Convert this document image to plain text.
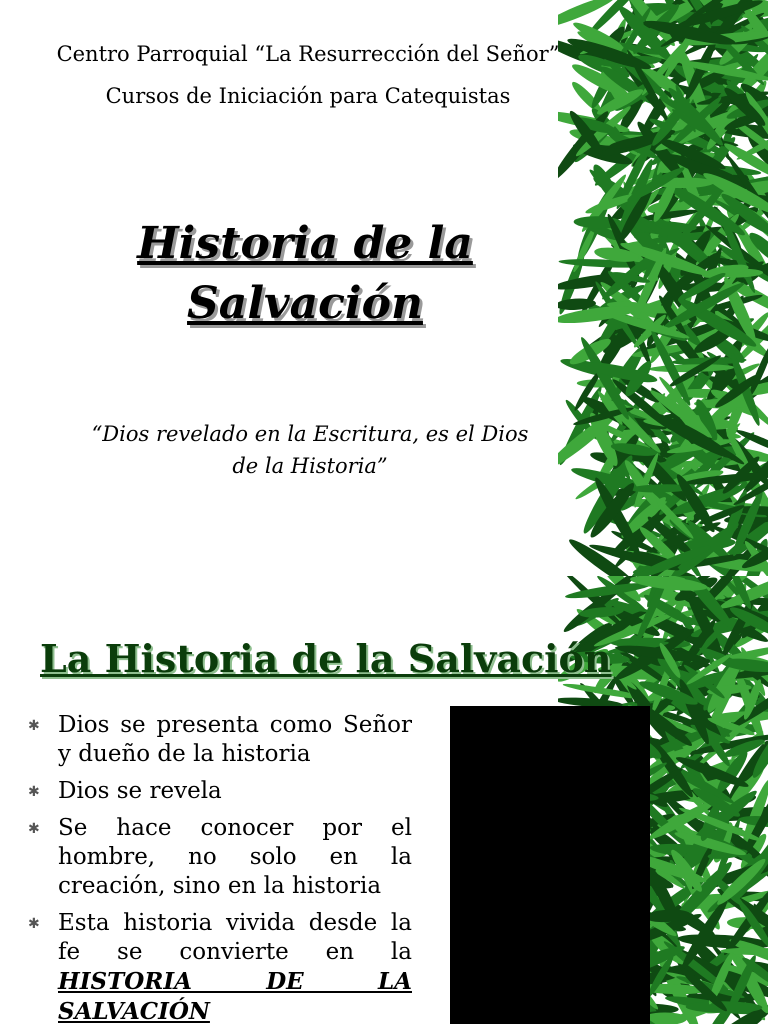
Centro Parroquial “La Resurrección del Señor”
Cursos de Iniciación para Catequistas
Historia de la
Salvación
“Dios revelado en la Escritura, es el Dios
de la Historia”
La Historia de la Salvación
✱ Dios se presenta como Señor y dueño de la historia
✱ Dios se revela
✱ Se hace conocer por el hombre, no solo en la creación, sino en la historia
✱ Esta historia vivida desde la fe se convierte en la HISTORIA DE LA SALVACIÓN
